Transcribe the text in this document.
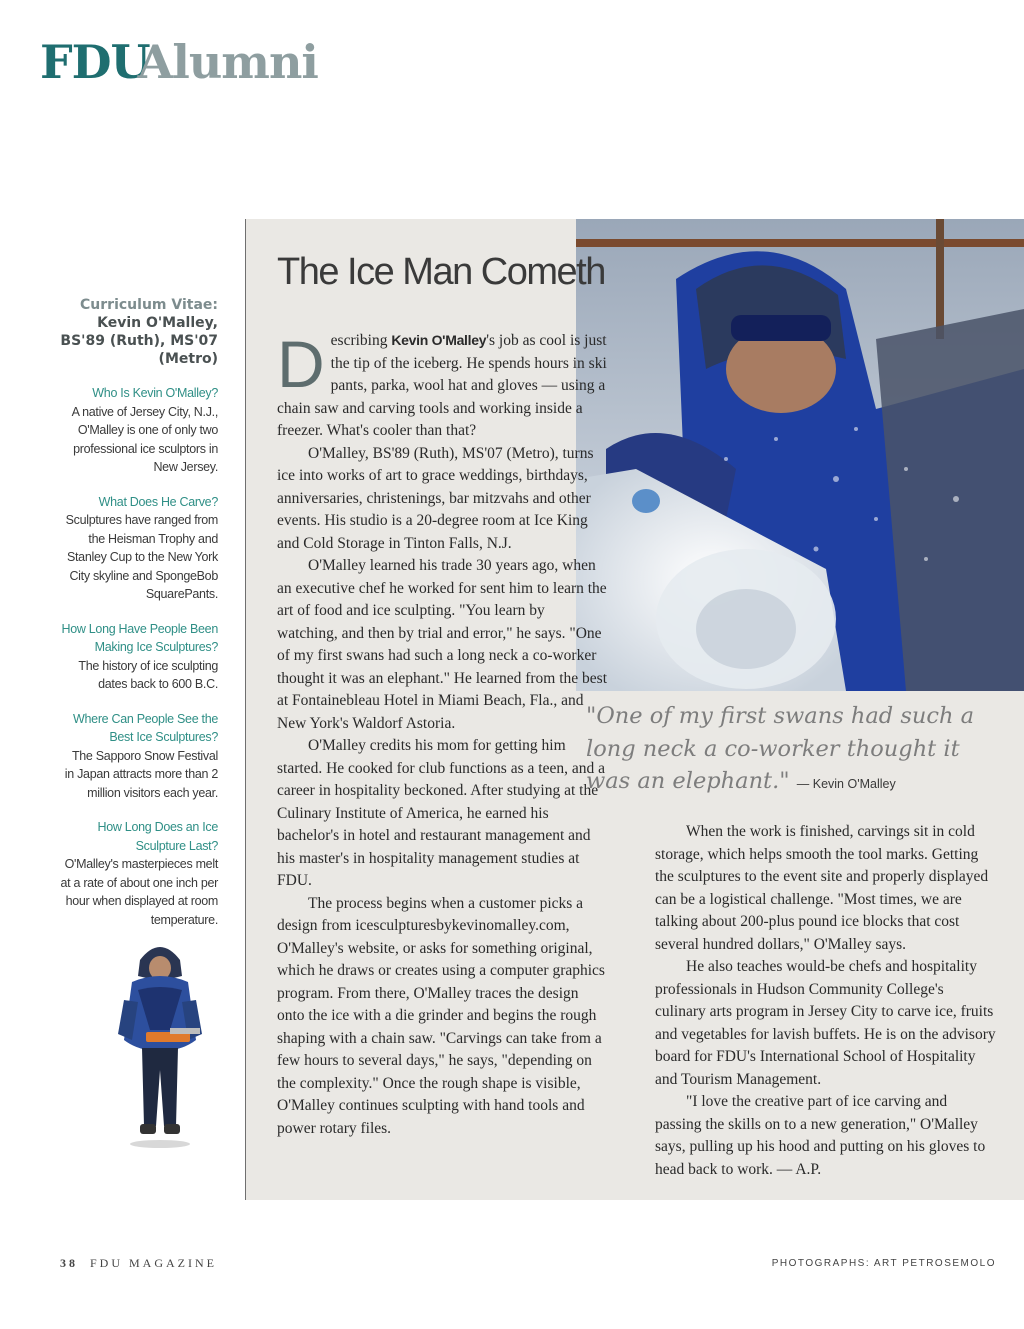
FDUAlumni
Curriculum Vitae:
Kevin O'Malley, BS'89 (Ruth), MS'07 (Metro)
Who Is Kevin O'Malley?
A native of Jersey City, N.J., O'Malley is one of only two professional ice sculptors in New Jersey.
What Does He Carve?
Sculptures have ranged from the Heisman Trophy and Stanley Cup to the New York City skyline and SpongeBob SquarePants.
How Long Have People Been Making Ice Sculptures?
The history of ice sculpting dates back to 600 B.C.
Where Can People See the Best Ice Sculptures?
The Sapporo Snow Festival in Japan attracts more than 2 million visitors each year.
How Long Does an Ice Sculpture Last?
O'Malley's masterpieces melt at a rate of about one inch per hour when displayed at room temperature.
The Ice Man Cometh

Describing Kevin O'Malley's job as cool is just the tip of the iceberg. He spends hours in ski pants, parka, wool hat and gloves — using a chain saw and carving tools and working inside a freezer. What's cooler than that?

O'Malley, BS'89 (Ruth), MS'07 (Metro), turns ice into works of art to grace weddings, birthdays, anniversaries, christenings, bar mitzvahs and other events. His studio is a 20-degree room at Ice King and Cold Storage in Tinton Falls, N.J.

O'Malley learned his trade 30 years ago, when an executive chef he worked for sent him to learn the art of food and ice sculpting. "You learn by watching, and then by trial and error," he says. "One of my first swans had such a long neck a co-worker thought it was an elephant." He learned from the best at Fontainebleau Hotel in Miami Beach, Fla., and New York's Waldorf Astoria.

O'Malley credits his mom for getting him started. He cooked for club functions as a teen, and a career in hospitality beckoned. After studying at the Culinary Institute of America, he earned his bachelor's in hotel and restaurant management and his master's in hospitality management studies at FDU.

The process begins when a customer picks a design from icesculpturesbykevinomalley.com, O'Malley's website, or asks for something original, which he draws or creates using a computer graphics program. From there, O'Malley traces the design onto the ice with a die grinder and begins the rough shaping with a chain saw. "Carvings can take from a few hours to several days," he says, "depending on the complexity." Once the rough shape is visible, O'Malley continues sculpting with hand tools and power rotary files.

"One of my first swans had such a long neck a co-worker thought it was an elephant." — Kevin O'Malley

When the work is finished, carvings sit in cold storage, which helps smooth the tool marks. Getting the sculptures to the event site and properly displayed can be a logistical challenge. "Most times, we are talking about 200-plus pound ice blocks that cost several hundred dollars," O'Malley says.

He also teaches would-be chefs and hospitality professionals in Hudson Community College's culinary arts program in Jersey City to carve ice, fruits and vegetables for lavish buffets. He is on the advisory board for FDU's International School of Hospitality and Tourism Management.

"I love the creative part of ice carving and passing the skills on to a new generation," O'Malley says, pulling up his hood and putting on his gloves to head back to work. — A.P.

38 FDU MAGAZINE	PHOTOGRAPHS: ART PETROSEMOLO
